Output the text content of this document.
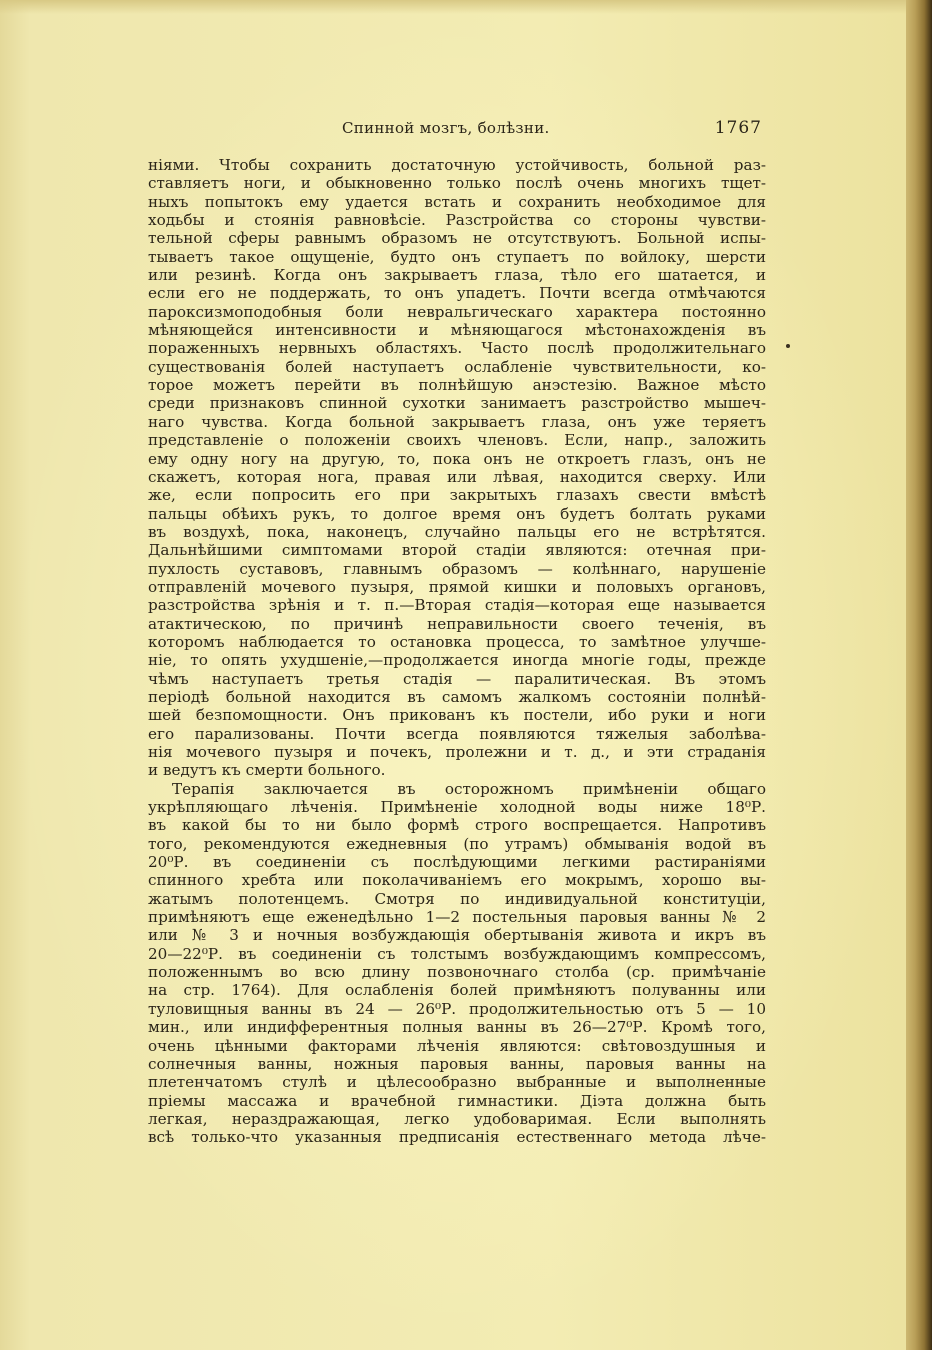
Спинной мозгъ, болѣзни.	1767
ніями. Чтобы сохранить достаточную устойчивость, больной раз-
ставляетъ ноги, и обыкновенно только послѣ очень многихъ тщет-
ныхъ попытокъ ему удается встать и сохранить необходимое для
ходьбы и стоянія равновѣсіе. Разстройства со стороны чувстви-
тельной сферы равнымъ образомъ не отсутствуютъ. Больной испы-
тываетъ такое ощущеніе, будто онъ ступаетъ по войлоку, шерсти
или резинѣ. Когда онъ закрываетъ глаза, тѣло его шатается, и
если его не поддержать, то онъ упадетъ. Почти всегда отмѣчаются
пароксизмоподобныя боли невральгическаго характера постоянно
мѣняющейся интенсивности и мѣняющагося мѣстонахожденія въ
пораженныхъ нервныхъ областяхъ. Часто послѣ продолжительнаго
существованія болей наступаетъ ослабленіе чувствительности, ко-
торое можетъ перейти въ полнѣйшую анэстезію. Важное мѣсто
среди признаковъ спинной сухотки занимаетъ разстройство мышеч-
наго чувства. Когда больной закрываетъ глаза, онъ уже теряетъ
представленіе о положеніи своихъ членовъ. Если, напр., заложить
ему одну ногу на другую, то, пока онъ не откроетъ глазъ, онъ не
скажетъ, которая нога, правая или лѣвая, находится сверху. Или
же, если попросить его при закрытыхъ глазахъ свести вмѣстѣ
пальцы обѣихъ рукъ, то долгое время онъ будетъ болтать руками
въ воздухѣ, пока, наконецъ, случайно пальцы его не встрѣтятся.
Дальнѣйшими симптомами второй стадіи являются: отечная при-
пухлость суставовъ, главнымъ образомъ — колѣннаго, нарушеніе
отправленій мочевого пузыря, прямой кишки и половыхъ органовъ,
разстройства зрѣнія и т. п.—Вторая стадія—которая еще называется
атактическою, по причинѣ неправильности своего теченія, въ
которомъ наблюдается то остановка процесса, то замѣтное улучше-
ніе, то опять ухудшеніе,—продолжается иногда многіе годы, прежде
чѣмъ наступаетъ третья стадія — паралитическая. Въ этомъ
періодѣ больной находится въ самомъ жалкомъ состояніи полнѣй-
шей безпомощности. Онъ прикованъ къ постели, ибо руки и ноги
его парализованы. Почти всегда появляются тяжелыя заболѣва-
нія мочевого пузыря и почекъ, пролежни и т. д., и эти страданія
и ведутъ къ смерти больного.
Терапія заключается въ осторожномъ примѣненіи общаго
укрѣпляющаго лѣченія. Примѣненіе холодной воды ниже 18⁰Р.
въ какой бы то ни было формѣ строго воспрещается. Напротивъ
того, рекомендуются ежедневныя (по утрамъ) обмыванія водой въ
20⁰Р. въ соединеніи съ послѣдующими легкими растираніями
спинного хребта или поколачиваніемъ его мокрымъ, хорошо вы-
жатымъ полотенцемъ. Смотря по индивидуальной конституціи,
примѣняютъ еще еженедѣльно 1—2 постельныя паровыя ванны № 2
или № 3 и ночныя возбуждающія обертыванія живота и икръ въ
20—22⁰Р. въ соединеніи съ толстымъ возбуждающимъ компрессомъ,
положеннымъ во всю длину позвоночнаго столба (ср. примѣчаніе
на стр. 1764). Для ослабленія болей примѣняютъ полуванны или
туловищныя ванны въ 24 — 26⁰Р. продолжительностью отъ 5 — 10
мин., или индифферентныя полныя ванны въ 26—27⁰Р. Кромѣ того,
очень цѣнными факторами лѣченія являются: свѣтовоздушныя и
солнечныя ванны, ножныя паровыя ванны, паровыя ванны на
плетенчатомъ стулѣ и цѣлесообразно выбранные и выполненные
пріемы массажа и врачебной гимнастики. Діэта должна быть
легкая, нераздражающая, легко удобоваримая. Если выполнять
всѣ только-что указанныя предписанія естественнаго метода лѣче-
